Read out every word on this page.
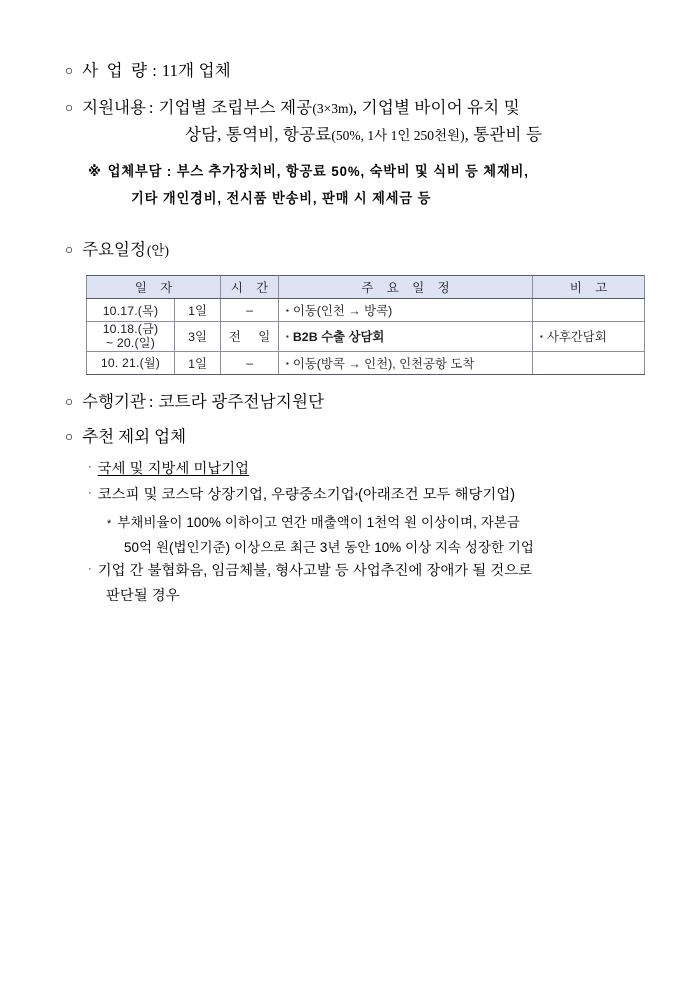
○ 사 업 량 : 11개 업체
○ 지원내용 : 기업별 조립부스 제공 (3×3m) , 기업별 바이어 유치 및
상담, 통역비, 항공료(50%, 1사 1인 250천원), 통관비 등
※ 업체부담 : 부스 추가장치비, 항공료 50%, 숙박비 및 식비 등 체재비,
기타 개인경비, 전시품 반송비, 판매 시 제세금 등
○ 주요일정 (안)
일 자		시 간	주 요 일 정	비 고
10.17.(목)	1일	–	▪ 이동(인천 → 방콕)	

10.18.(금)
~ 20.(일)	3일	전 일	▪ B2B 수출 상담회	▪ 사후간담회
10. 21.(월)	1일	–	▪ 이동(방콕 → 인천), 인천공항 도착	
○ 수행기관 : 코트라 광주전남지원단
○ 추천 제외 업체
· 국세 및 지방세 미납기업
· 코스피 및 코스닥 상장기업, 우량중소기업 * (아래조건 모두 해당기업)
* 부채비율이 100% 이하이고 연간 매출액이 1천억 원 이상이며, 자본금
50억 원(법인기준) 이상으로 최근 3년 동안 10% 이상 지속 성장한 기업
· 기업 간 불협화음, 임금체불, 형사고발 등 사업추진에 장애가 될 것으로
판단될 경우
